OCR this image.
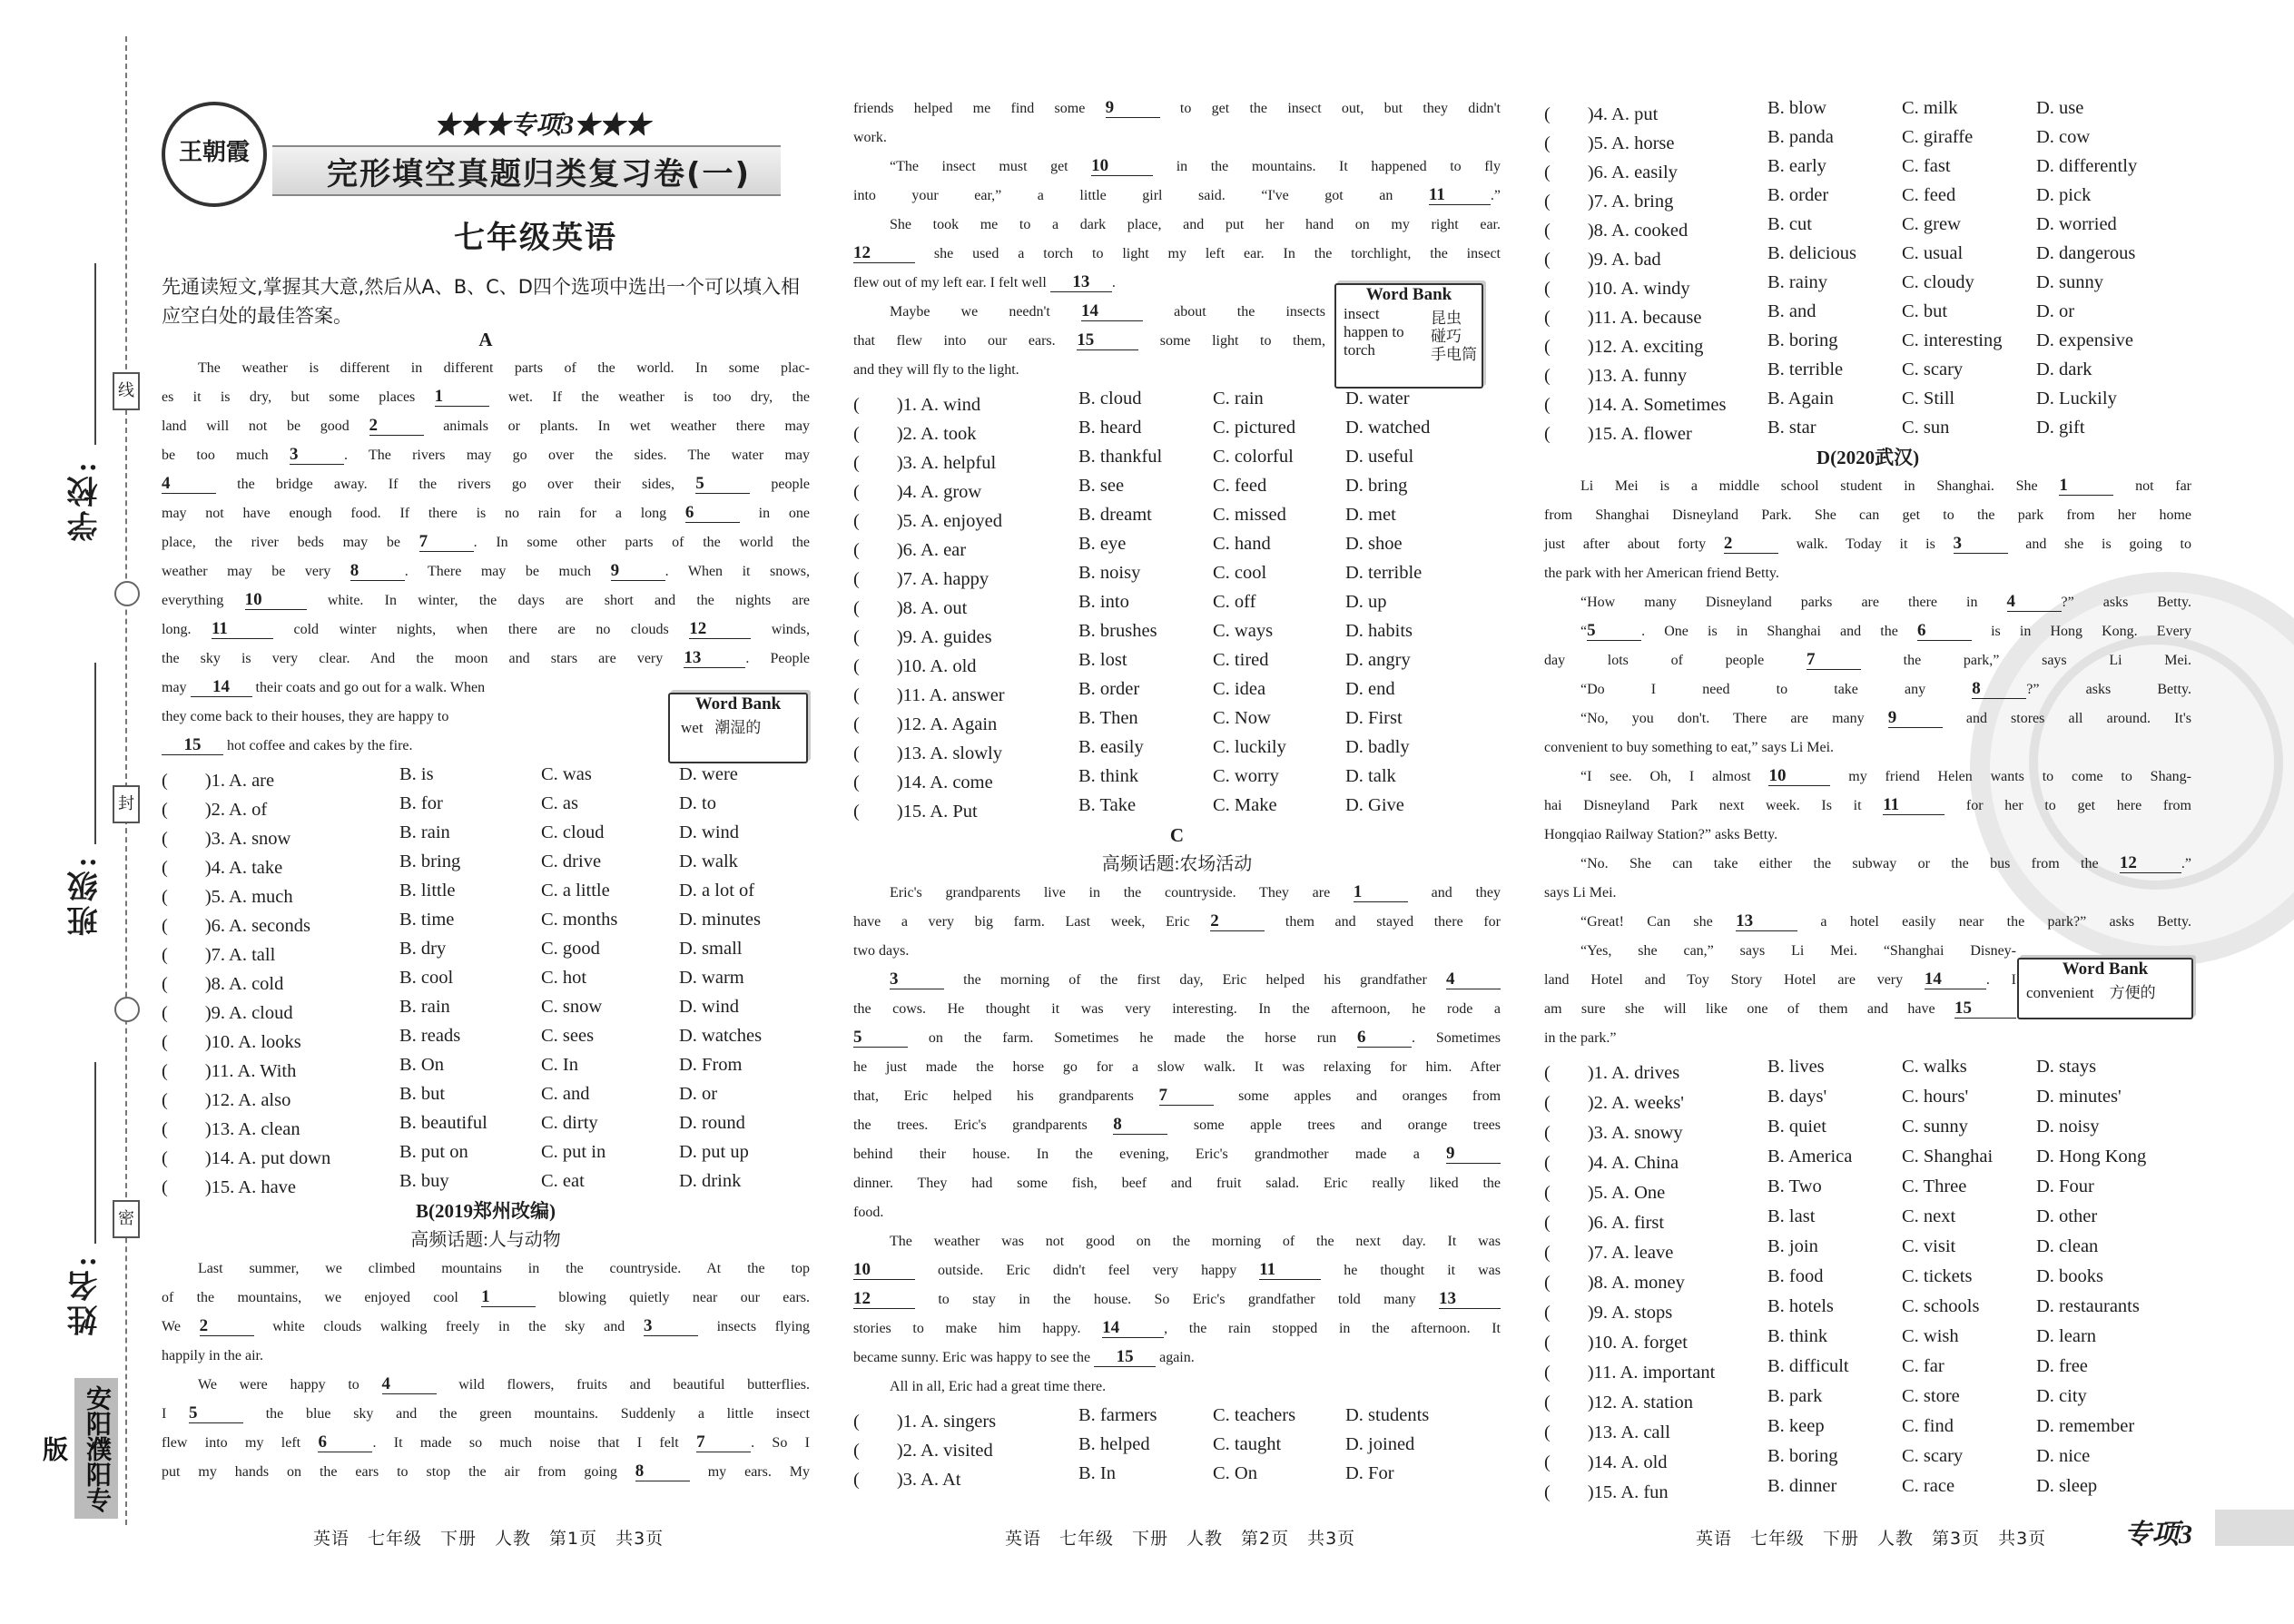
学校:
班级:
姓名:
线
封
密
安阳濮阳专版
王朝霞
★★★专项3★★★
完形填空真题归类复习卷(一)
七年级英语
先通读短文,掌握其大意,然后从A、B、C、D四个选项中选出一个可以填入相应空白处的最佳答案。
Word Bank
wet 潮湿的
Word Bank
insect	昆虫
happen to 碰巧
torch	手电筒
Word Bank
convenient 方便的
英语　七年级　下册　人教　第1页　共3页	英语　七年级　下册　人教　第2页　共3页	英语　七年级　下册　人教　第3页　共3页	专项3
A
The weather is different in different parts of the world. In some plac-
es it is dry, but some places 1	wet. If the weather is too dry, the
land will not be good 2	animals or plants. In wet weather there may
be too much 3	. The rivers may go over the sides. The water may
4	the bridge away. If the rivers go over their sides, 5	people
may not have enough food. If there is no rain for a long 6	in one
place, the river beds may be 7	. In some other parts of the world the
weather may be very 8	. There may be much 9	. When it snows,
everything 10	white. In winter, the days are short and the nights are
long. 11	cold winter nights, when there are no clouds 12	winds,
the sky is very clear. And the moon and stars are very 13	. People
may 14 their coats and go out for a walk. When
they come back to their houses, they are happy to
15 hot coffee and cakes by the fire.
(　　)1. A. are	B. is	C. was	D. were
(　　)2. A. of	B. for	C. as	D. to
(　　)3. A. snow	B. rain	C. cloud	D. wind
(　　)4. A. take	B. bring	C. drive	D. walk
(　　)5. A. much	B. little	C. a little	D. a lot of
(　　)6. A. seconds	B. time	C. months	D. minutes
(　　)7. A. tall	B. dry	C. good	D. small
(　　)8. A. cold	B. cool	C. hot	D. warm
(　　)9. A. cloud	B. rain	C. snow	D. wind
(　　)10. A. looks	B. reads	C. sees	D. watches
(　　)11. A. With	B. On	C. In	D. From
(　　)12. A. also	B. but	C. and	D. or
(　　)13. A. clean	B. beautiful	C. dirty	D. round
(　　)14. A. put down	B. put on	C. put in	D. put up
(　　)15. A. have	B. buy	C. eat	D. drink
B(2019郑州改编)
高频话题:人与动物
Last summer, we climbed mountains in the countryside. At the top
of the mountains, we enjoyed cool 1	blowing quietly near our ears.
We 2	white clouds walking freely in the sky and 3	insects flying
happily in the air.
We were happy to 4	wild flowers, fruits and beautiful butterflies.
I 5	the blue sky and the green mountains. Suddenly a little insect
flew into my left 6	. It made so much noise that I felt 7	. So I
put my hands on the ears to stop the air from going 8	my ears. My
friends helped me find some 9	to get the insect out, but they didn't
work.
“The insect must get 10	in the mountains. It happened to fly
into your ear,” a little girl said. “I've got an 11	.”
She took me to a dark place, and put her hand on my right ear.
12	she used a torch to light my left ear. In the torchlight, the insect
flew out of my left ear. I felt well 13 .
Maybe we needn't 14	about the insects
that flew into our ears. 15	some light to them,
and they will fly to the light.
(　　)1. A. wind	B. cloud	C. rain	D. water
(　　)2. A. took	B. heard	C. pictured	D. watched
(　　)3. A. helpful	B. thankful	C. colorful	D. useful
(　　)4. A. grow	B. see	C. feed	D. bring
(　　)5. A. enjoyed	B. dreamt	C. missed	D. met
(　　)6. A. ear	B. eye	C. hand	D. shoe
(　　)7. A. happy	B. noisy	C. cool	D. terrible
(　　)8. A. out	B. into	C. off	D. up
(　　)9. A. guides	B. brushes	C. ways	D. habits
(　　)10. A. old	B. lost	C. tired	D. angry
(　　)11. A. answer	B. order	C. idea	D. end
(　　)12. A. Again	B. Then	C. Now	D. First
(　　)13. A. slowly	B. easily	C. luckily	D. badly
(　　)14. A. come	B. think	C. worry	D. talk
(　　)15. A. Put	B. Take	C. Make	D. Give
C
高频话题:农场活动
Eric's grandparents live in the countryside. They are 1	and they
have a very big farm. Last week, Eric 2	them and stayed there for
two days.
3	the morning of the first day, Eric helped his grandfather 4
the cows. He thought it was very interesting. In the afternoon, he rode a
5	on the farm. Sometimes he made the horse run 6	. Sometimes
he just made the horse go for a slow walk. It was relaxing for him. After
that, Eric helped his grandparents 7	some apples and oranges from
the trees. Eric's grandparents 8	some apple trees and orange trees
behind their house. In the evening, Eric's grandmother made a 9
dinner. They had some fish, beef and fruit salad. Eric really liked the
food.
The weather was not good on the morning of the next day. It was
10	outside. Eric didn't feel very happy 11	he thought it was
12	to stay in the house. So Eric's grandfather told many 13
stories to make him happy. 14	, the rain stopped in the afternoon. It
became sunny. Eric was happy to see the 15 again.
All in all, Eric had a great time there.
(　　)1. A. singers	B. farmers	C. teachers	D. students
(　　)2. A. visited	B. helped	C. taught	D. joined
(　　)3. A. At	B. In	C. On	D. For
(　　)4. A. put	B. blow	C. milk	D. use
(　　)5. A. horse	B. panda	C. giraffe	D. cow
(　　)6. A. easily	B. early	C. fast	D. differently
(　　)7. A. bring	B. order	C. feed	D. pick
(　　)8. A. cooked	B. cut	C. grew	D. worried
(　　)9. A. bad	B. delicious C. usual	D. dangerous
(　　)10. A. windy	B. rainy	C. cloudy	D. sunny
(　　)11. A. because	B. and	C. but	D. or
(　　)12. A. exciting	B. boring	C. interesting D. expensive
(　　)13. A. funny	B. terrible	C. scary	D. dark
(　　)14. A. Sometimes B. Again	C. Still	D. Luckily
(　　)15. A. flower	B. star	C. sun	D. gift
D(2020武汉)
Li Mei is a middle school student in Shanghai. She 1	not far
from Shanghai Disneyland Park. She can get to the park from her home
just after about forty 2	walk. Today it is 3	and she is going to
the park with her American friend Betty.
“How many Disneyland parks are there in 4	?” asks Betty.
“5	. One is in Shanghai and the 6	is in Hong Kong. Every
day lots of people 7	the park,” says Li Mei.
“Do I need to take any 8	?” asks Betty.
“No, you don't. There are many 9	and stores all around. It's
convenient to buy something to eat,” says Li Mei.
“I see. Oh, I almost 10	my friend Helen wants to come to Shang-
hai Disneyland Park next week. Is it 11	for her to get here from
Hongqiao Railway Station?” asks Betty.
“No. She can take either the subway or the bus from the 12	.”
says Li Mei.
“Great! Can she 13	a hotel easily near the park?” asks Betty.
“Yes, she can,” says Li Mei. “Shanghai Disney-
land Hotel and Toy Story Hotel are very 14	. I
am sure she will like one of them and have 15
in the park.”
(　　)1. A. drives	B. lives	C. walks	D. stays
(　　)2. A. weeks'	B. days'	C. hours'	D. minutes'
(　　)3. A. snowy	B. quiet	C. sunny	D. noisy
(　　)4. A. China	B. America	C. Shanghai D. Hong Kong
(　　)5. A. One	B. Two	C. Three	D. Four
(　　)6. A. first	B. last	C. next	D. other
(　　)7. A. leave	B. join	C. visit	D. clean
(　　)8. A. money	B. food	C. tickets	D. books
(　　)9. A. stops	B. hotels	C. schools	D. restaurants
(　　)10. A. forget	B. think	C. wish	D. learn
(　　)11. A. important	B. difficult	C. far	D. free
(　　)12. A. station	B. park	C. store	D. city
(　　)13. A. call	B. keep	C. find	D. remember
(　　)14. A. old	B. boring	C. scary	D. nice
(　　)15. A. fun	B. dinner	C. race	D. sleep
